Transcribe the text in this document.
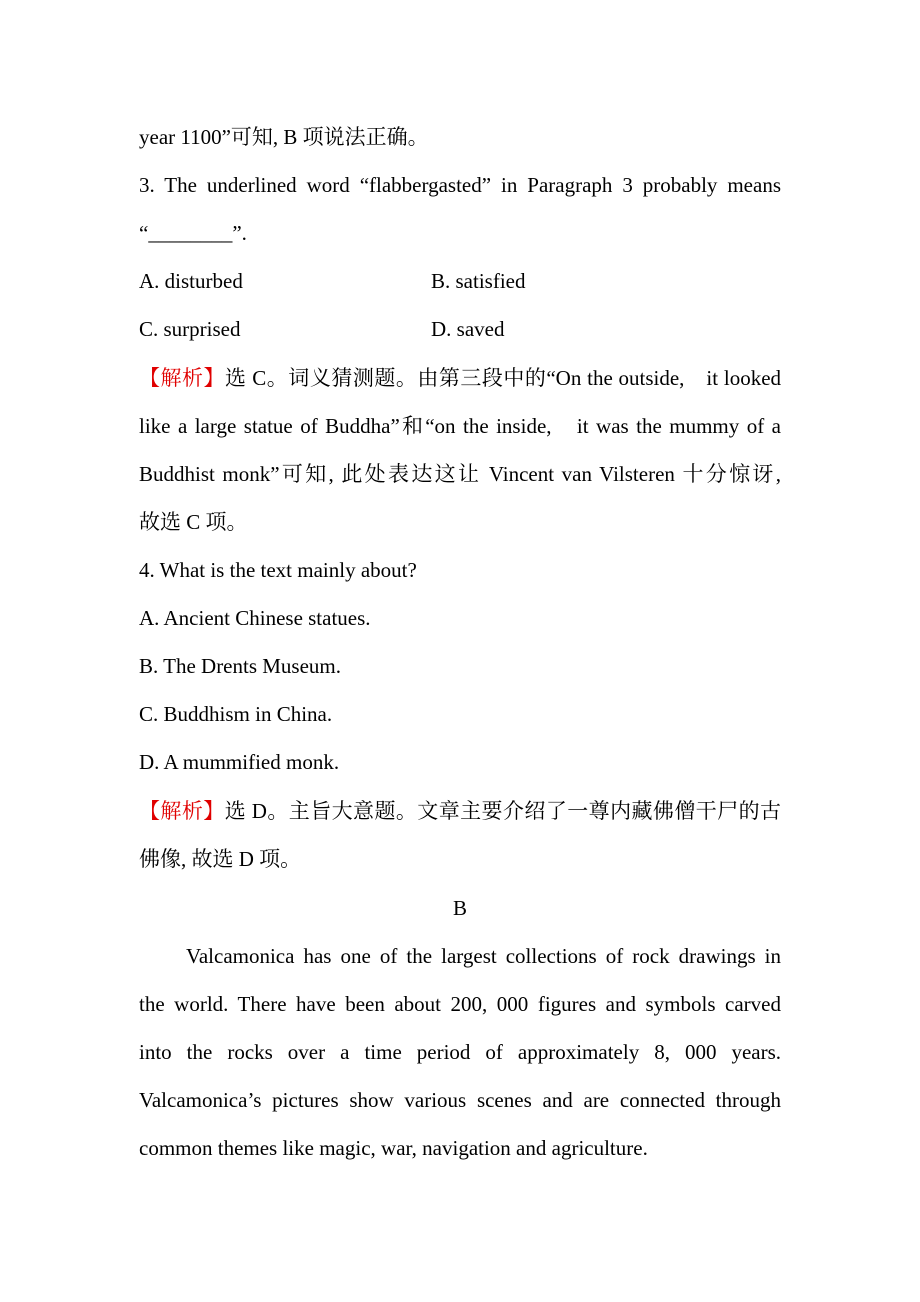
year 1100”可知, B 项说法正确。
3. The underlined word “flabbergasted” in Paragraph 3 probably means
“________”.
A. disturbed	B. satisfied
C. surprised	D. saved
【解析】选 C。词义猜测题。由第三段中的“On the outside,　it looked
like a large statue of Buddha”和“on the inside,　it was the mummy of a
Buddhist monk”可知, 此处表达这让 Vincent van Vilsteren 十分惊讶,
故选 C 项。
4. What is the text mainly about?
A. Ancient Chinese statues.
B. The Drents Museum.
C. Buddhism in China.
D. A mummified monk.
【解析】选 D。主旨大意题。文章主要介绍了一尊内藏佛僧干尸的古
佛像, 故选 D 项。
B
Valcamonica has one of the largest collections of rock drawings in
the world. There have been about 200, 000 figures and symbols carved
into the rocks over a time period of approximately 8, 000 years.
Valcamonica’s pictures show various scenes and are connected through
common themes like magic, war, navigation and agriculture.
